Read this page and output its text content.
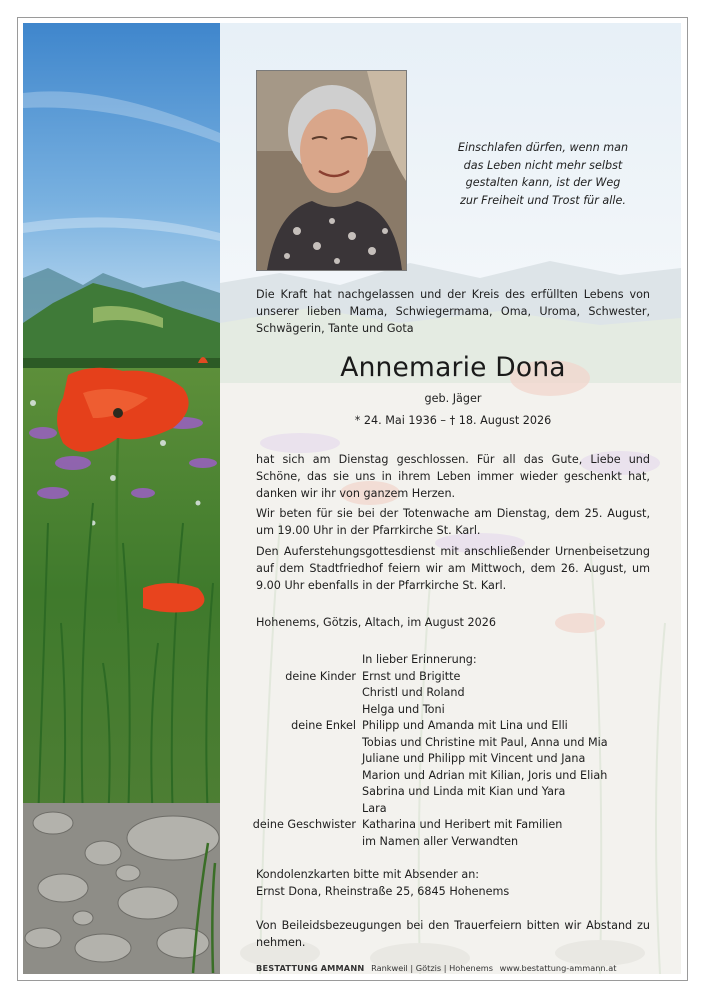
Einschlafen dürfen, wenn man
das Leben nicht mehr selbst
gestalten kann, ist der Weg
zur Freiheit und Trost für alle.
Die Kraft hat nachgelassen und der Kreis des erfüllten Lebens von unserer lieben Mama, Schwiegermama, Oma, Uroma, Schwester, Schwägerin, Tante und Gota
Annemarie Dona
geb. Jäger
* 24. Mai 1936 – † 18. August 2026
hat sich am Dienstag geschlossen. Für all das Gute, Liebe und Schöne, das sie uns in ihrem Leben immer wieder geschenkt hat, danken wir ihr von ganzem Herzen.
Wir beten für sie bei der Totenwache am Dienstag, dem 25. August, um 19.00 Uhr in der Pfarrkirche St. Karl.
Den Auferstehungsgottesdienst mit anschließender Urnenbeisetzung auf dem Stadtfriedhof feiern wir am Mittwoch, dem 26. August, um 9.00 Uhr ebenfalls in der Pfarrkirche St. Karl.
Hohenems, Götzis, Altach, im August 2026
In lieber Erinnerung:
deine Kinder Ernst und Brigitte
Christl und Roland
Helga und Toni
deine Enkel Philipp und Amanda mit Lina und Elli
Tobias und Christine mit Paul, Anna und Mia
Juliane und Philipp mit Vincent und Jana
Marion und Adrian mit Kilian, Joris und Eliah
Sabrina und Linda mit Kian und Yara
Lara
deine Geschwister Katharina und Heribert mit Familien
im Namen aller Verwandten
Kondolenzkarten bitte mit Absender an:
Ernst Dona, Rheinstraße 25, 6845 Hohenems
Von Beileidsbezeugungen bei den Trauerfeiern bitten wir Abstand zu nehmen.
BESTATTUNG AMMANN Rankweil | Götzis | Hohenems www.bestattung-ammann.at
